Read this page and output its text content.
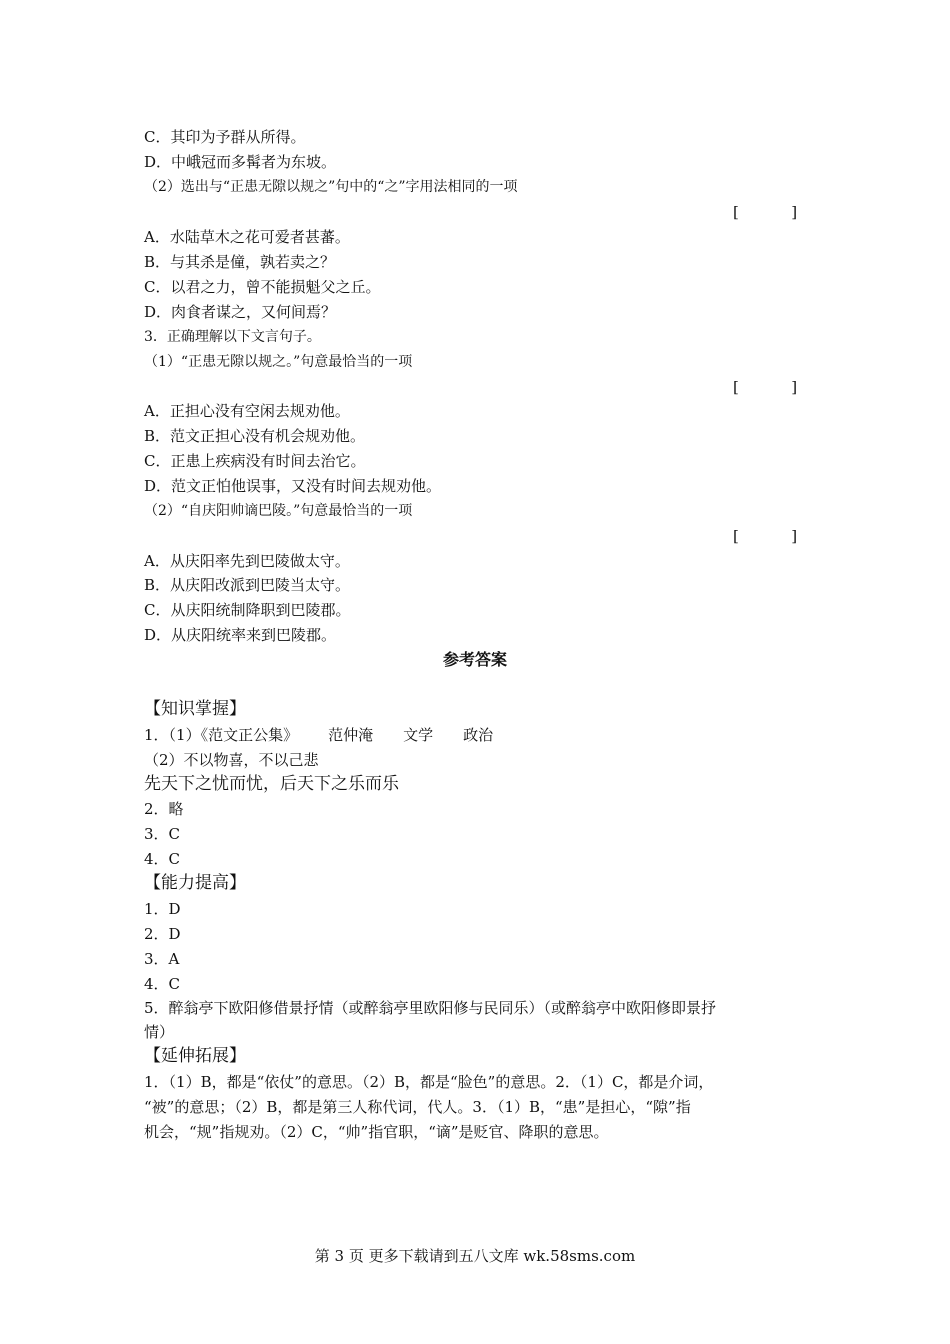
C．其印为予群从所得。
D．中峨冠而多髯者为东坡。
（2）选出与“正患无隙以规之”句中的“之”字用法相同的一项
[           ]
A．水陆草木之花可爱者甚蕃。
B．与其杀是僮，孰若卖之？
C．以君之力，曾不能损魁父之丘。
D．肉食者谋之，又何间焉？
3．正确理解以下文言句子。
（1）“正患无隙以规之。”句意最恰当的一项
[           ]
A．正担心没有空闲去规劝他。
B．范文正担心没有机会规劝他。
C．正患上疾病没有时间去治它。
D．范文正怕他误事，又没有时间去规劝他。
（2）“自庆阳帅谪巴陵。”句意最恰当的一项
[           ]
A．从庆阳率先到巴陵做太守。
B．从庆阳改派到巴陵当太守。
C．从庆阳统制降职到巴陵郡。
D．从庆阳统率来到巴陵郡。
参考答案
【知识掌握】
1．（1）《范文正公集》 范仲淹 文学 政治
（2）不以物喜，不以己悲
先天下之忧而忧，后天下之乐而乐
2．略
3．C
4．C
【能力提高】
1．D
2．D
3．A
4．C
5．醉翁亭下欧阳修借景抒情（或醉翁亭里欧阳修与民同乐）（或醉翁亭中欧阳修即景抒
情）
【延伸拓展】
1．（1）B，都是“依仗”的意思。（2）B，都是“脸色”的意思。2．（1）C，都是介词，
“被”的意思；（2）B，都是第三人称代词，代人。3．（1）B，“患”是担心，“隙”指
机会，“规”指规劝。（2）C，“帅”指官职，“谪”是贬官、降职的意思。
第 3 页 更多下载请到五八文库 wk.58sms.com
